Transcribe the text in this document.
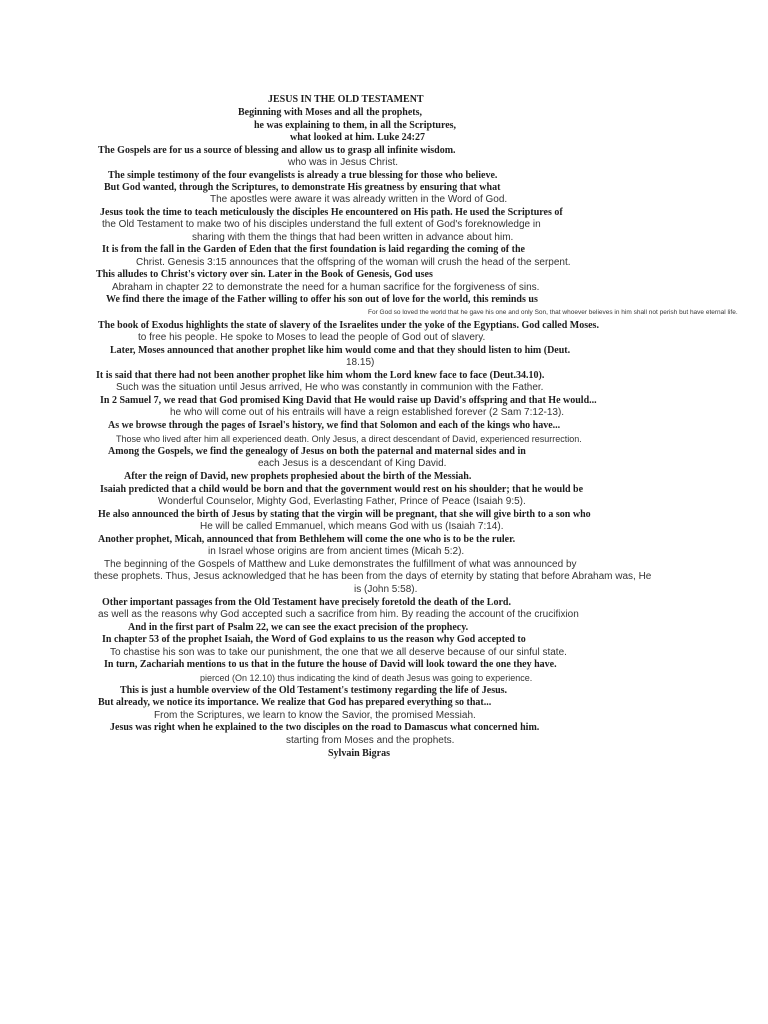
JESUS IN THE OLD TESTAMENT
Beginning with Moses and all the prophets,
he was explaining to them, in all the Scriptures,
what looked at him. Luke 24:27
The Gospels are for us a source of blessing and allow us to grasp all infinite wisdom.
who was in Jesus Christ.
The simple testimony of the four evangelists is already a true blessing for those who believe.
But God wanted, through the Scriptures, to demonstrate His greatness by ensuring that what
The apostles were aware it was already written in the Word of God.
Jesus took the time to teach meticulously the disciples He encountered on His path. He used the Scriptures of
the Old Testament to make two of his disciples understand the full extent of God's foreknowledge in
sharing with them the things that had been written in advance about him.
It is from the fall in the Garden of Eden that the first foundation is laid regarding the coming of the
Christ. Genesis 3:15 announces that the offspring of the woman will crush the head of the serpent.
This alludes to Christ's victory over sin. Later in the Book of Genesis, God uses
Abraham in chapter 22 to demonstrate the need for a human sacrifice for the forgiveness of sins.
We find there the image of the Father willing to offer his son out of love for the world, this reminds us
For God so loved the world that he gave his one and only Son, that whoever believes in him shall not perish but have eternal life.
The book of Exodus highlights the state of slavery of the Israelites under the yoke of the Egyptians. God called Moses.
to free his people. He spoke to Moses to lead the people of God out of slavery.
Later, Moses announced that another prophet like him would come and that they should listen to him (Deut.
18.15)
It is said that there had not been another prophet like him whom the Lord knew face to face (Deut.34.10).
Such was the situation until Jesus arrived, He who was constantly in communion with the Father.
In 2 Samuel 7, we read that God promised King David that He would raise up David's offspring and that He would...
he who will come out of his entrails will have a reign established forever (2 Sam 7:12-13).
As we browse through the pages of Israel's history, we find that Solomon and each of the kings who have...
Those who lived after him all experienced death. Only Jesus, a direct descendant of David, experienced resurrection.
Among the Gospels, we find the genealogy of Jesus on both the paternal and maternal sides and in
each Jesus is a descendant of King David.
After the reign of David, new prophets prophesied about the birth of the Messiah.
Isaiah predicted that a child would be born and that the government would rest on his shoulder; that he would be
Wonderful Counselor, Mighty God, Everlasting Father, Prince of Peace (Isaiah 9:5).
He also announced the birth of Jesus by stating that the virgin will be pregnant, that she will give birth to a son who
He will be called Emmanuel, which means God with us (Isaiah 7:14).
Another prophet, Micah, announced that from Bethlehem will come the one who is to be the ruler.
in Israel whose origins are from ancient times (Micah 5:2).
The beginning of the Gospels of Matthew and Luke demonstrates the fulfillment of what was announced by
these prophets. Thus, Jesus acknowledged that he has been from the days of eternity by stating that before Abraham was, He
is (John 5:58).
Other important passages from the Old Testament have precisely foretold the death of the Lord.
as well as the reasons why God accepted such a sacrifice from him. By reading the account of the crucifixion
And in the first part of Psalm 22, we can see the exact precision of the prophecy.
In chapter 53 of the prophet Isaiah, the Word of God explains to us the reason why God accepted to
To chastise his son was to take our punishment, the one that we all deserve because of our sinful state.
In turn, Zachariah mentions to us that in the future the house of David will look toward the one they have.
pierced (On 12.10) thus indicating the kind of death Jesus was going to experience.
This is just a humble overview of the Old Testament's testimony regarding the life of Jesus.
But already, we notice its importance. We realize that God has prepared everything so that...
From the Scriptures, we learn to know the Savior, the promised Messiah.
Jesus was right when he explained to the two disciples on the road to Damascus what concerned him.
starting from Moses and the prophets.
Sylvain Bigras
